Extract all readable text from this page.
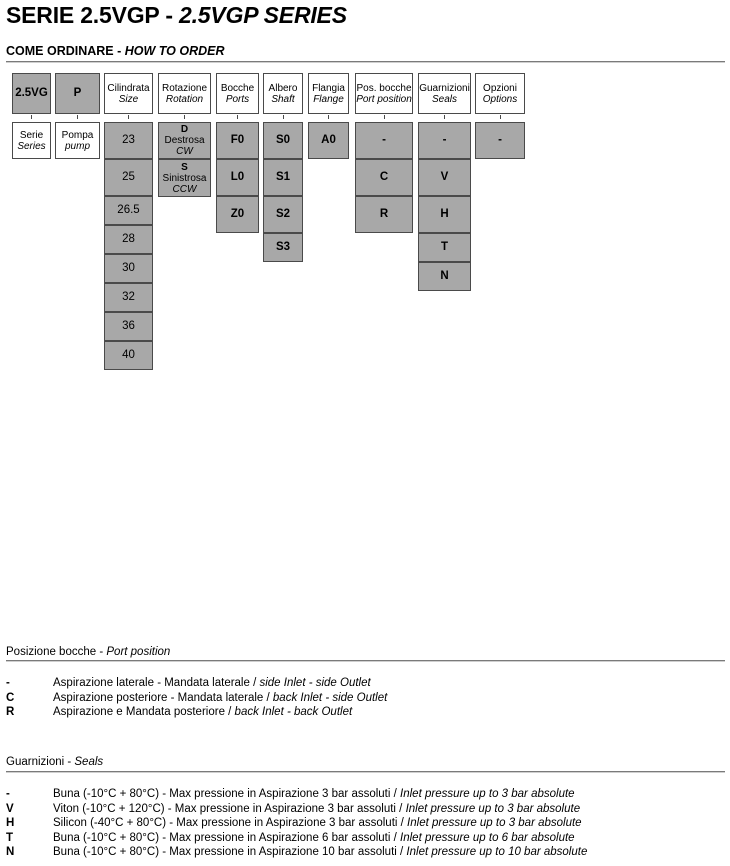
SERIE 2.5VGP - 2.5VGP SERIES
COME ORDINARE - HOW TO ORDER
2.5VG
Serie
Series
P
Pompa
pump
Cilindrata
Size
23
25
26.5
28
30
32
36
40
Rotazione
Rotation
D
Destrosa
CW
S
Sinistrosa
CCW
Bocche
Ports
F0
L0
Z0
Albero
Shaft
S0
S1
S2
S3
Flangia
Flange
A0
Pos. bocche
Port position
-
C
R
Guarnizioni
Seals
-
V
H
T
N
Opzioni
Options
-
Posizione bocche - Port position
-	Aspirazione laterale - Mandata laterale / side Inlet - side Outlet
C	Aspirazione posteriore - Mandata laterale / back Inlet - side Outlet
R	Aspirazione e Mandata posteriore / back Inlet - back Outlet
Guarnizioni - Seals
-	Buna (-10°C + 80°C) - Max pressione in Aspirazione 3 bar assoluti / Inlet pressure up to 3 bar absolute
V	Viton (-10°C + 120°C) - Max pressione in Aspirazione 3 bar assoluti / Inlet pressure up to 3 bar absolute
H	Silicon (-40°C + 80°C) - Max pressione in Aspirazione 3 bar assoluti / Inlet pressure up to 3 bar absolute
T	Buna (-10°C + 80°C) - Max pressione in Aspirazione 6 bar assoluti / Inlet pressure up to 6 bar absolute
N	Buna (-10°C + 80°C) - Max pressione in Aspirazione 10 bar assoluti / Inlet pressure up to 10 bar absolute
